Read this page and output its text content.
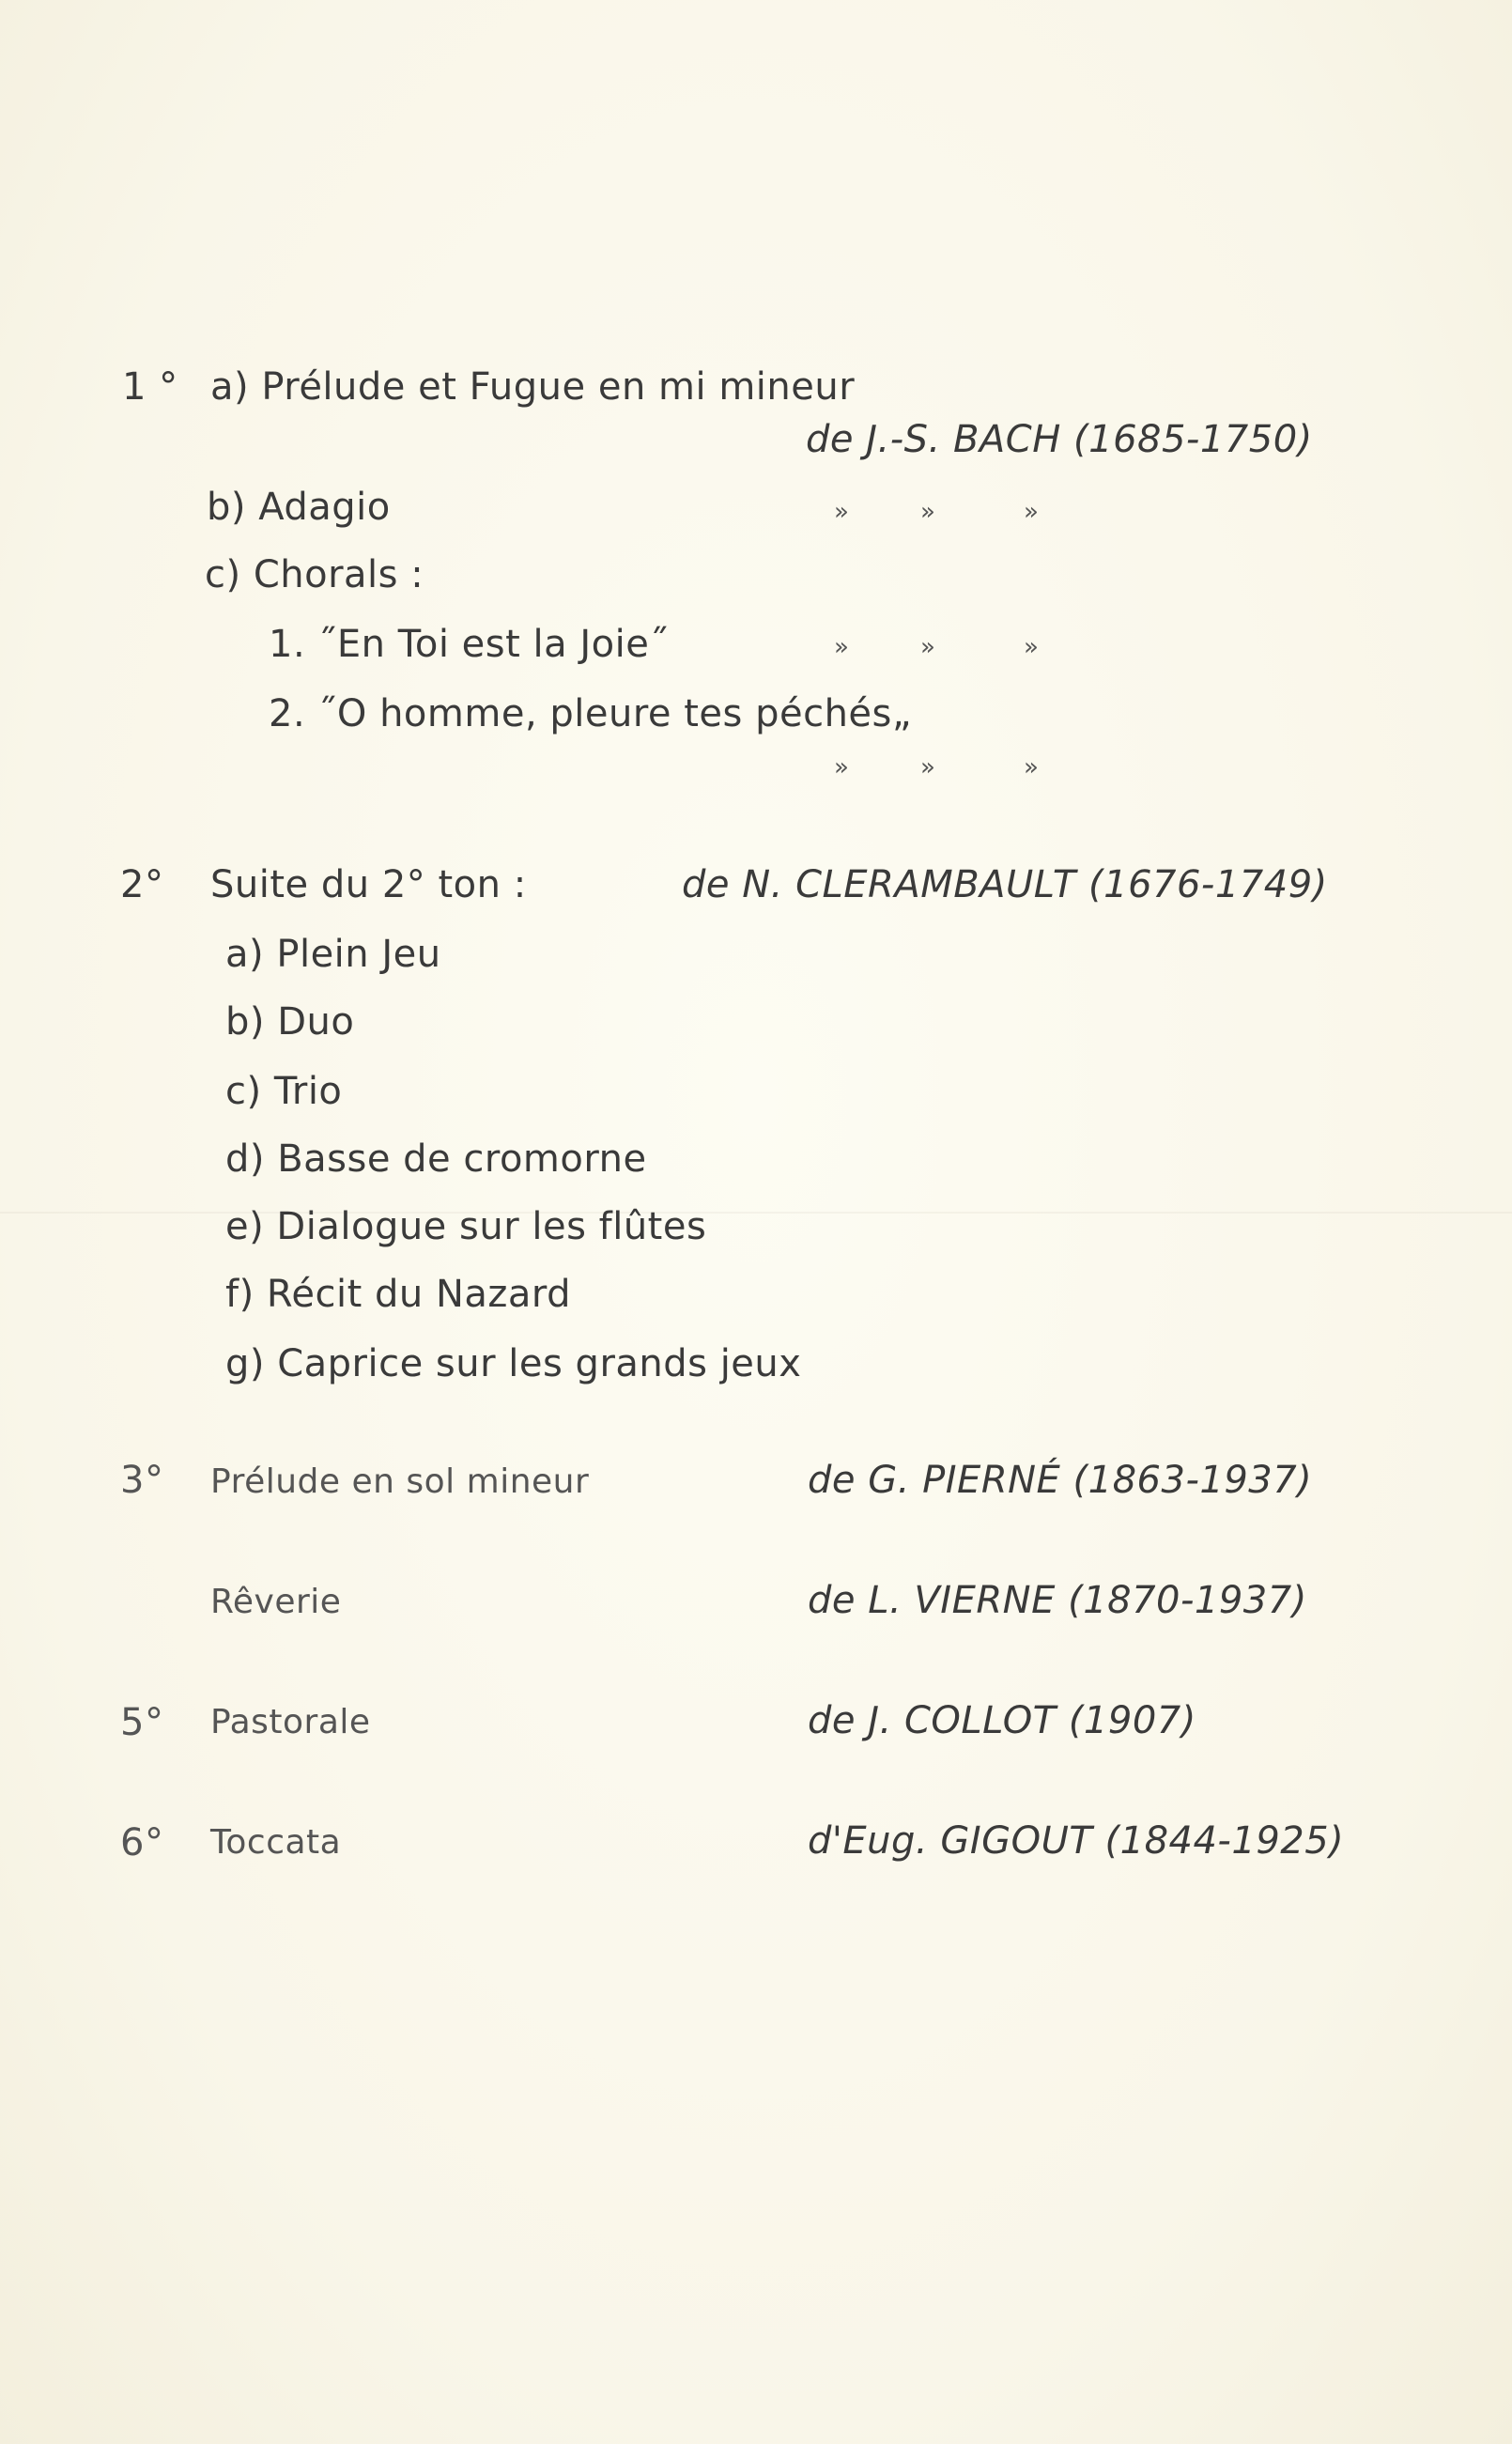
1 ° a) Prélude et Fugue en mi mineur
de J.-S. BACH (1685-1750)
b) Adagio	»	»	»
c) Chorals :
1. ˝En Toi est la Joie˝	»	»	»
2. ˝O homme, pleure tes péchés„
»	»	»
2° Suite du 2° ton :	de N. CLERAMBAULT (1676-1749)
a) Plein Jeu
b) Duo
c) Trio
d) Basse de cromorne
e) Dialogue sur les flûtes
f) Récit du Nazard
g) Caprice sur les grands jeux
3° Prélude en sol mineur	de G. PIERNÉ (1863-1937)
Rêverie	de L. VIERNE (1870-1937)
5° Pastorale	de J. COLLOT (1907)
6° Toccata	d'Eug. GIGOUT (1844-1925)
